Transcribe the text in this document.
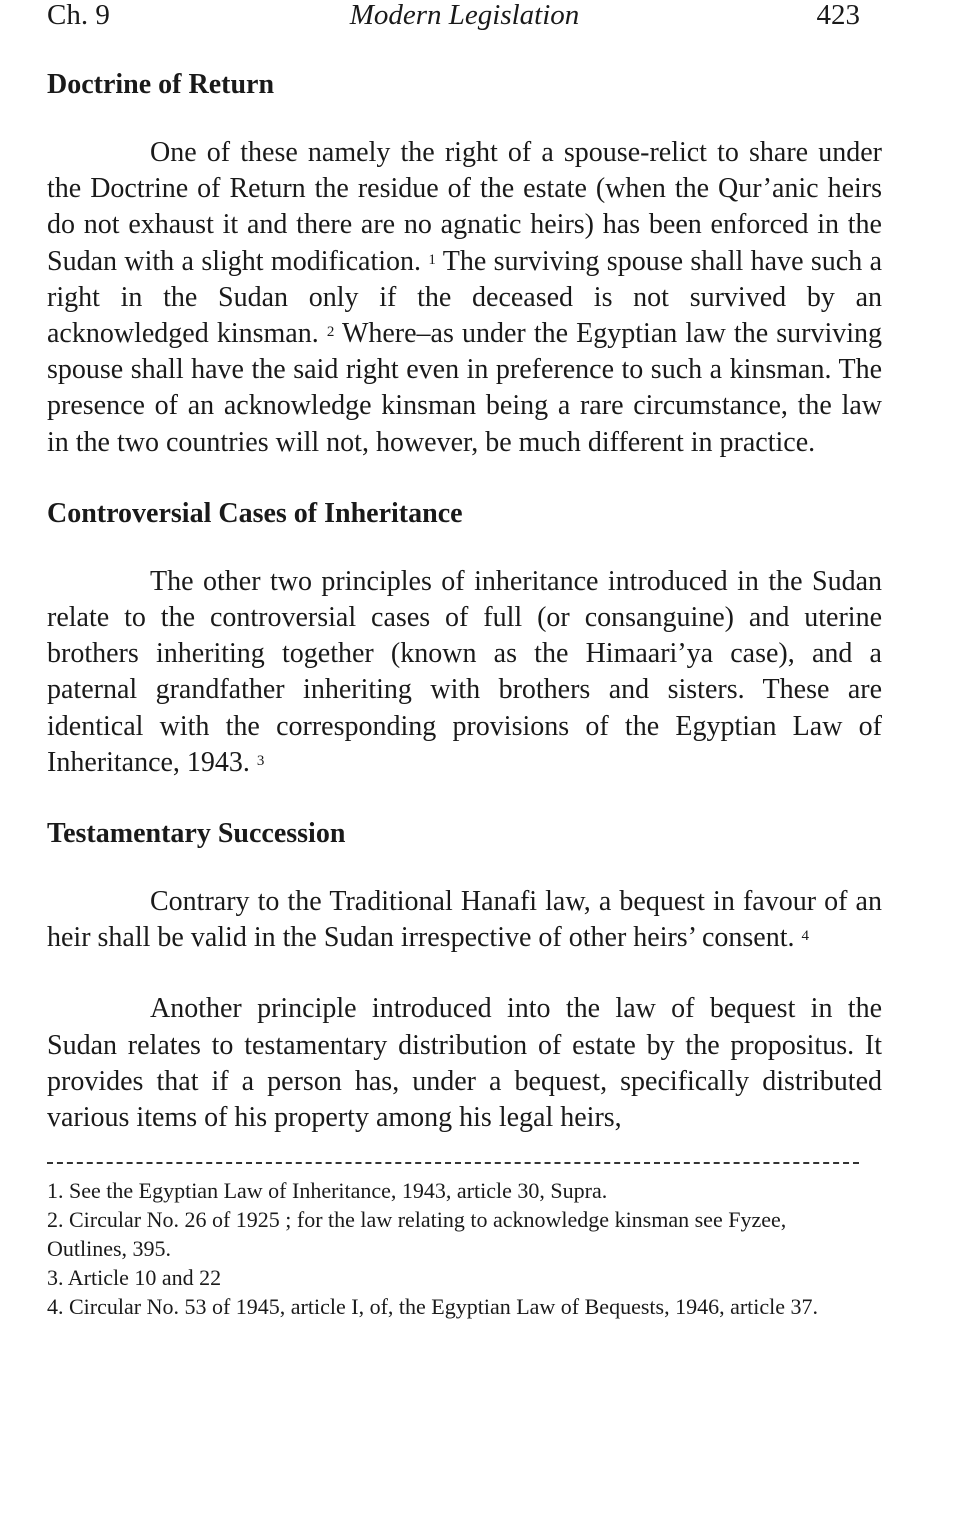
Ch. 9	Modern Legislation	423
Doctrine of Return

One of these namely the right of a spouse-relict to share under the Doctrine of Return the residue of the estate (when the Qur’anic heirs do not exhaust it and there are no agnatic heirs) has been enforced in the Sudan with a slight modification. $^1$ The surviving spouse shall have such a right in the Sudan only if the deceased is not survived by an acknowledged kinsman. $^2$ Where–as under the Egyptian law the surviving spouse shall have the said right even in preference to such a kinsman. The presence of an acknowledge kinsman being a rare circumstance, the law in the two countries will not, however, be much different in practice.

Controversial Cases of Inheritance

The other two principles of inheritance introduced in the Sudan relate to the controversial cases of full (or consanguine) and uterine brothers inheriting together (known as the Himaari’ya case), and a paternal grandfather inheriting with brothers and sisters. These are identical with the corresponding provisions of the Egyptian Law of Inheritance, 1943. $^3$

Testamentary Succession

Contrary to the Traditional Hanafi law, a bequest in favour of an heir shall be valid in the Sudan irrespective of other heirs’ consent. $^4$

Another principle introduced into the law of bequest in the Sudan relates to testamentary distribution of estate by the propositus. It provides that if a person has, under a bequest, specifically distributed various items of his property among his legal heirs,

1. See the Egyptian Law of Inheritance, 1943, article 30, Supra.

2. Circular No. 26 of 1925 ; for the law relating to acknowledge kinsman see Fyzee, Outlines, 395.

3. Article 10 and 22

4. Circular No. 53 of 1945, article I, of, the Egyptian Law of Bequests, 1946, article 37.
